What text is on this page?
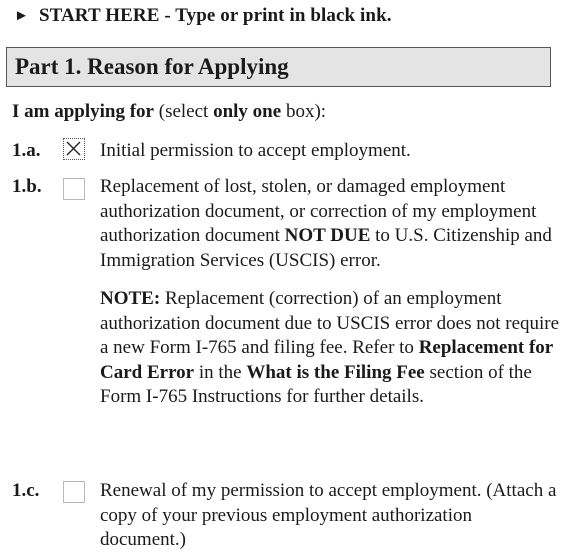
► START HERE - Type or print in black ink.
Part 1. Reason for Applying
I am applying for (select only one box):
1.a.	Initial permission to accept employment.
1.b.	Replacement of lost, stolen, or damaged employment authorization document, or correction of my employment authorization document NOT DUE to U.S. Citizenship and Immigration Services (USCIS) error.

NOTE: Replacement (correction) of an employment authorization document due to USCIS error does not require a new Form I-765 and filing fee. Refer to Replacement for Card Error in the What is the Filing Fee section of the Form I-765 Instructions for further details.

1.c.	Renewal of my permission to accept employment. (Attach a copy of your previous employment authorization document.)
